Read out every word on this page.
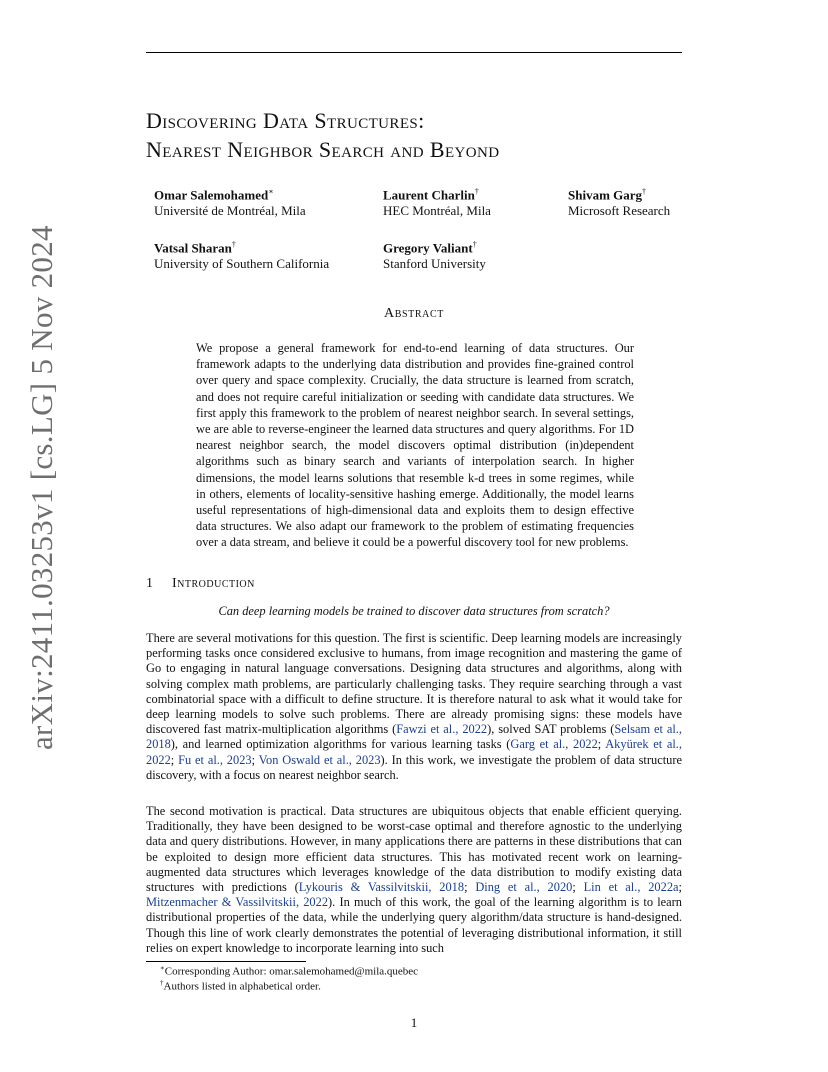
arXiv:2411.03253v1 [cs.LG] 5 Nov 2024
Discovering Data Structures:
Nearest Neighbor Search and Beyond
Omar Salemohamed∗
Université de Montréal, Mila
Laurent Charlin†
HEC Montréal, Mila
Shivam Garg†
Microsoft Research
Vatsal Sharan†
University of Southern California
Gregory Valiant†
Stanford University
Abstract
We propose a general framework for end-to-end learning of data structures. Our framework adapts to the underlying data distribution and provides fine-grained control over query and space complexity. Crucially, the data structure is learned from scratch, and does not require careful initialization or seeding with candidate data structures. We first apply this framework to the problem of nearest neighbor search. In several settings, we are able to reverse-engineer the learned data structures and query algorithms. For 1D nearest neighbor search, the model discovers optimal distribution (in)dependent algorithms such as binary search and variants of interpolation search. In higher dimensions, the model learns solutions that resemble k-d trees in some regimes, while in others, elements of locality-sensitive hashing emerge. Additionally, the model learns useful representations of high-dimensional data and exploits them to design effective data structures. We also adapt our framework to the problem of estimating frequencies over a data stream, and believe it could be a powerful discovery tool for new problems.
1 Introduction
Can deep learning models be trained to discover data structures from scratch?
There are several motivations for this question. The first is scientific. Deep learning models are increasingly performing tasks once considered exclusive to humans, from image recognition and mastering the game of Go to engaging in natural language conversations. Designing data structures and algorithms, along with solving complex math problems, are particularly challenging tasks. They require searching through a vast combinatorial space with a difficult to define structure. It is therefore natural to ask what it would take for deep learning models to solve such problems. There are already promising signs: these models have discovered fast matrix-multiplication algorithms (Fawzi et al., 2022), solved SAT problems (Selsam et al., 2018), and learned optimization algorithms for various learning tasks (Garg et al., 2022; Akyürek et al., 2022; Fu et al., 2023; Von Oswald et al., 2023). In this work, we investigate the problem of data structure discovery, with a focus on nearest neighbor search.
The second motivation is practical. Data structures are ubiquitous objects that enable efficient querying. Traditionally, they have been designed to be worst-case optimal and therefore agnostic to the underlying data and query distributions. However, in many applications there are patterns in these distributions that can be exploited to design more efficient data structures. This has motivated recent work on learning-augmented data structures which leverages knowledge of the data distribution to modify existing data structures with predictions (Lykouris & Vassilvitskii, 2018; Ding et al., 2020; Lin et al., 2022a; Mitzenmacher & Vassilvitskii, 2022). In much of this work, the goal of the learning algorithm is to learn distributional properties of the data, while the underlying query algorithm/data structure is hand-designed. Though this line of work clearly demonstrates the potential of leveraging distributional information, it still relies on expert knowledge to incorporate learning into such
∗Corresponding Author: omar.salemohamed@mila.quebec
†Authors listed in alphabetical order.
1
